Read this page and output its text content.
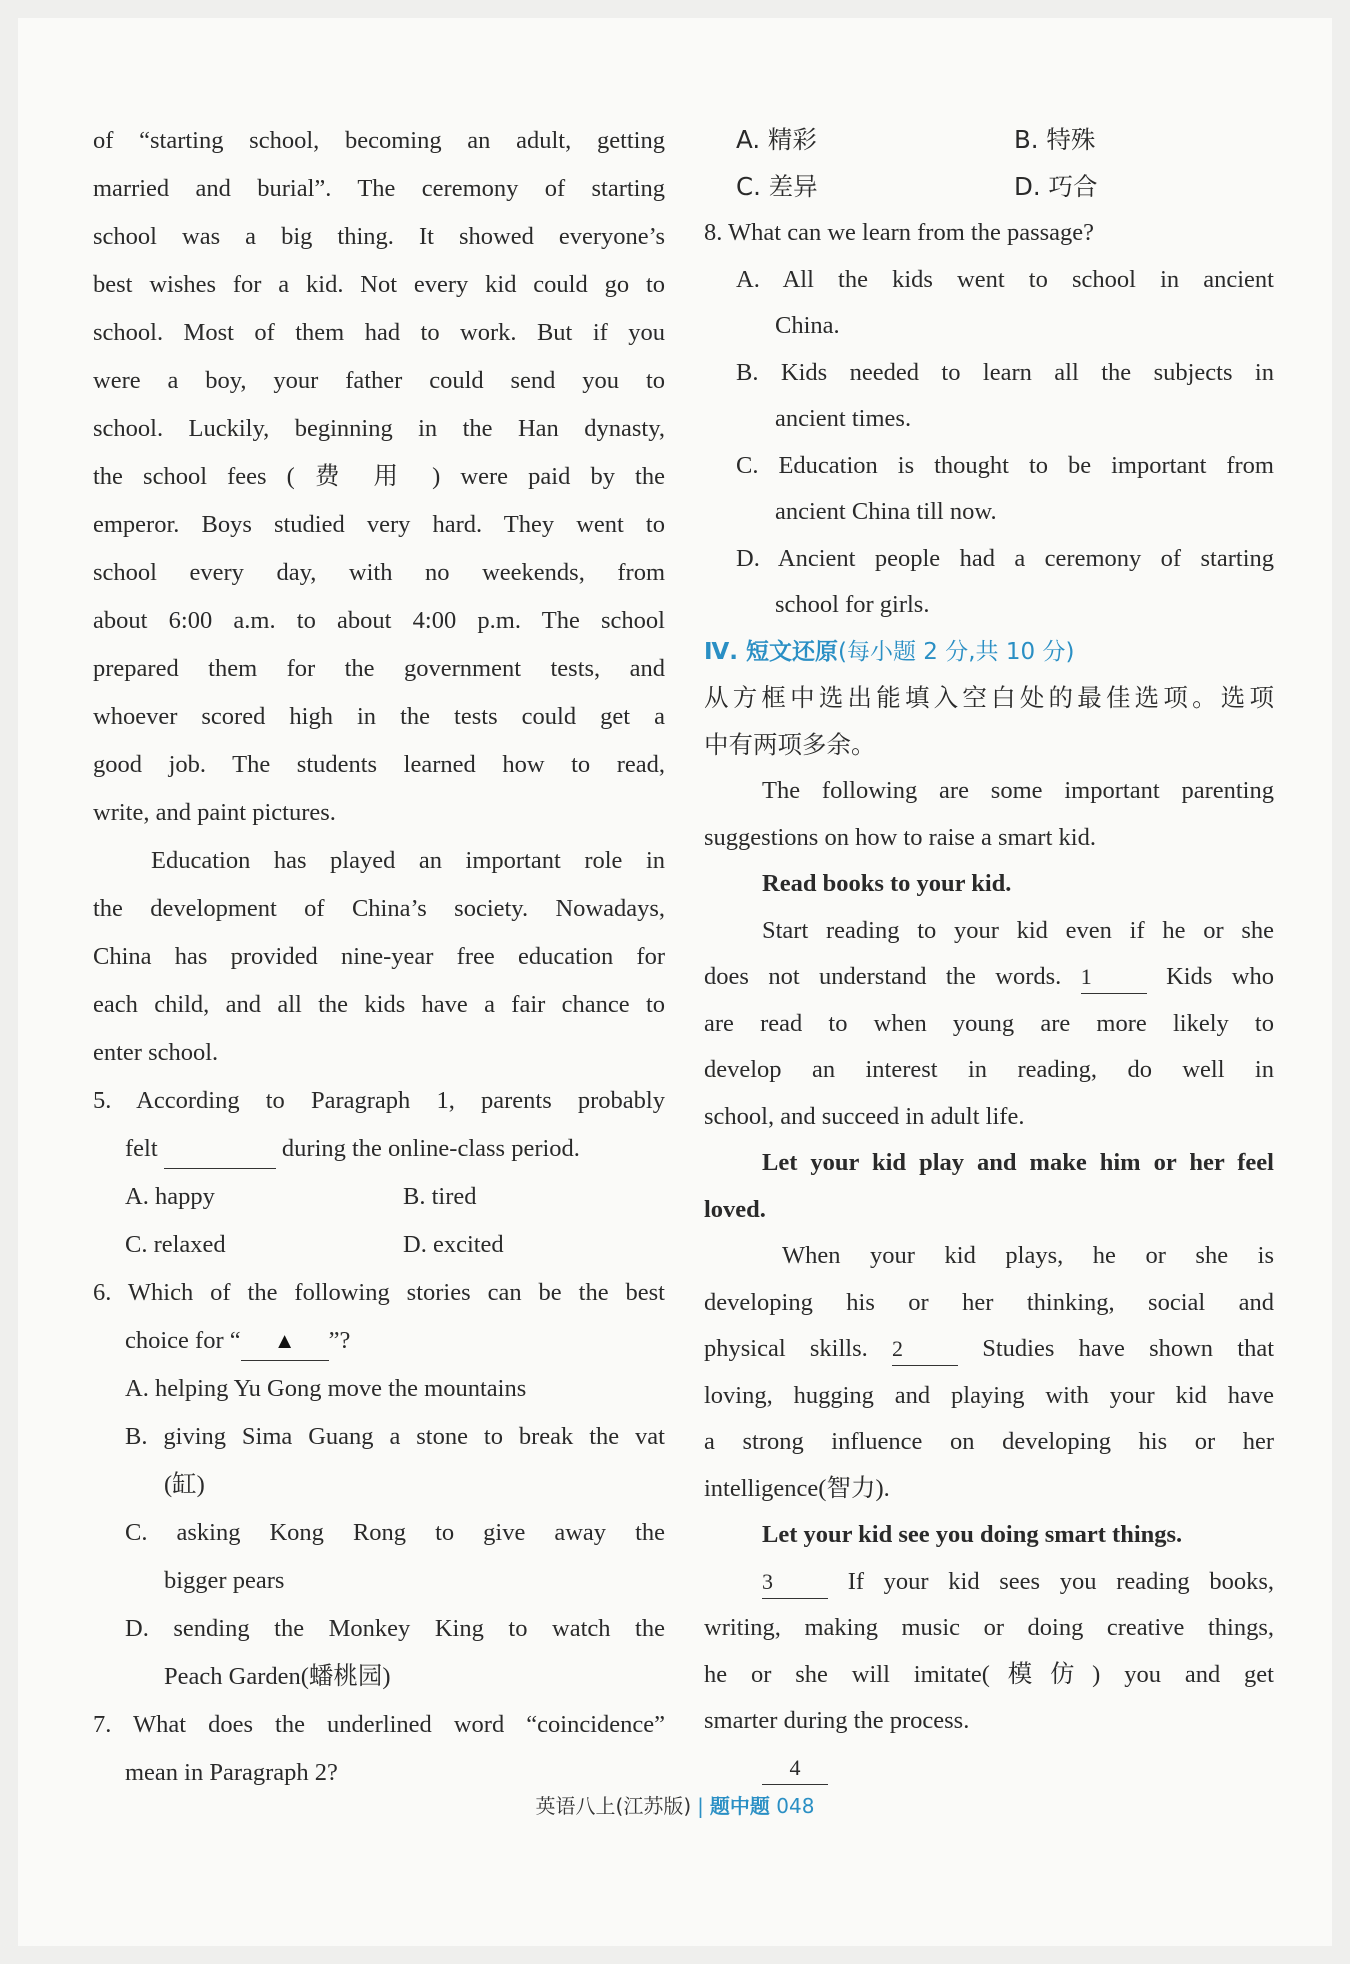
of “starting school, becoming an adult, getting
married and burial”. The ceremony of starting
school was a big thing. It showed everyone’s
best wishes for a kid. Not every kid could go to
school. Most of them had to work. But if you
were a boy, your father could send you to
school. Luckily, beginning in the Han dynasty,
the school fees ( 费 用 ) were paid by the
emperor. Boys studied very hard. They went to
school every day, with no weekends, from
about 6:00 a.m. to about 4:00 p.m. The school
prepared them for the government tests, and
whoever scored high in the tests could get a
good job. The students learned how to read,
write, and paint pictures.
Education has played an important role in
the development of China’s society. Nowadays,
China has provided nine-year free education for
each child, and all the kids have a fair chance to
enter school.
5. According to Paragraph 1, parents probably
felt	during the online-class period.
A. happy	B. tired
C. relaxed	D. excited
6. Which of the following stories can be the best
choice for “ ▲ ”?
A. helping Yu Gong move the mountains
B. giving Sima Guang a stone to break the vat
(缸)
C. asking Kong Rong to give away the
bigger pears
D. sending the Monkey King to watch the
Peach Garden(蟠桃园)
7. What does the underlined word “coincidence”
mean in Paragraph 2?
A. 精彩	B. 特殊
C. 差异	D. 巧合
8. What can we learn from the passage?
A. All the kids went to school in ancient
China.
B. Kids needed to learn all the subjects in
ancient times.
C. Education is thought to be important from
ancient China till now.
D. Ancient people had a ceremony of starting
school for girls.
Ⅳ. 短文还原(每小题 2 分,共 10 分)
从方框中选出能填入空白处的最佳选项。选项
中有两项多余。
The following are some important parenting
suggestions on how to raise a smart kid.
Read books to your kid.
Start reading to your kid even if he or she
does not understand the words. 1	Kids who
are read to when young are more likely to
develop an interest in reading, do well in
school, and succeed in adult life.
Let your kid play and make him or her feel
loved.
When your kid plays, he or she is
developing his or her thinking, social and
physical skills. 2	Studies have shown that
loving, hugging and playing with your kid have
a strong influence on developing his or her
intelligence(智力).
Let your kid see you doing smart things.
3	If your kid sees you reading books,
writing, making music or doing creative things,
he or she will imitate(模仿) you and get
smarter during the process.
4
英语八上(江苏版) | 题中题 048
